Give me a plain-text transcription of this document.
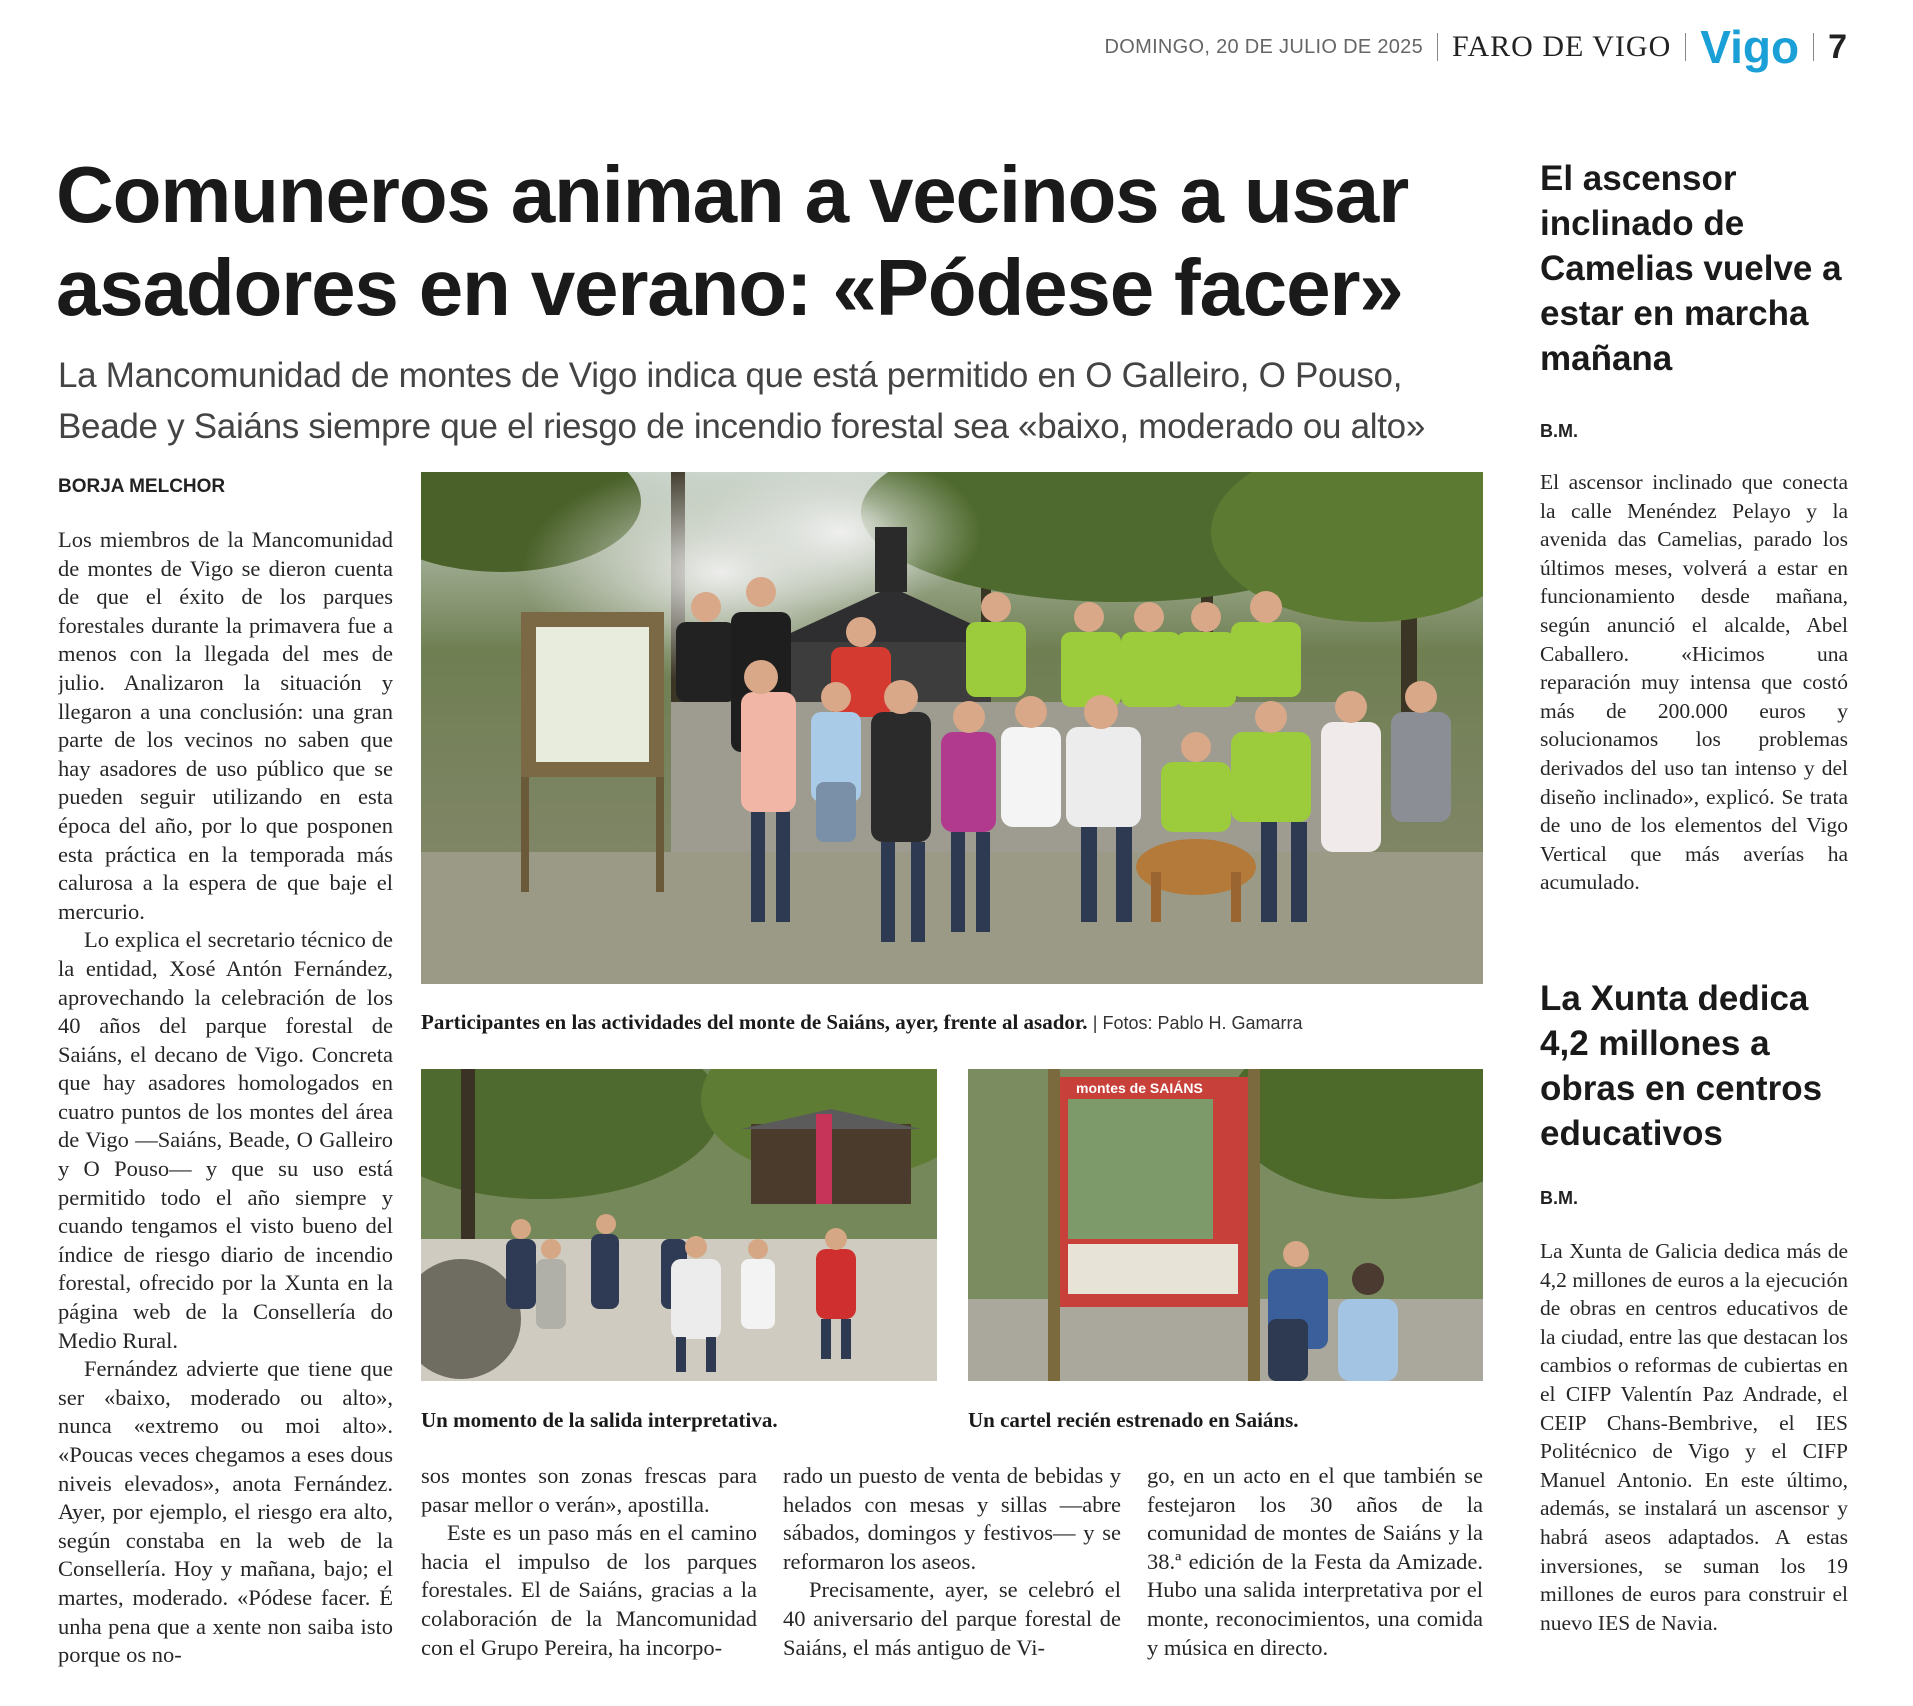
DOMINGO, 20 DE JULIO DE 2025 FARO DE VIGO Vigo 7
Comuneros animan a vecinos a usar asadores en verano: «Pódese facer»
La Mancomunidad de montes de Vigo indica que está permitido en O Galleiro, O Pouso, Beade y Saiáns siempre que el riesgo de incendio forestal sea «baixo, moderado ou alto»
BORJA MELCHOR

Los miembros de la Mancomunidad de montes de Vigo se dieron cuenta de que el éxito de los parques forestales durante la primavera fue a menos con la llegada del mes de julio. Analizaron la situación y llegaron a una conclusión: una gran parte de los vecinos no saben que hay asadores de uso público que se pueden seguir utilizando en esta época del año, por lo que posponen esta práctica en la temporada más calurosa a la espera de que baje el mercurio.

Lo explica el secretario técnico de la entidad, Xosé Antón Fernández, aprovechando la celebración de los 40 años del parque forestal de Saiáns, el decano de Vigo. Concreta que hay asadores homologados en cuatro puntos de los montes del área de Vigo —Saiáns, Beade, O Galleiro y O Pouso— y que su uso está permitido todo el año siempre y cuando tengamos el visto bueno del índice de riesgo diario de incendio forestal, ofrecido por la Xunta en la página web de la Consellería do Medio Rural.

Fernández advierte que tiene que ser «baixo, moderado ou alto», nunca «extremo ou moi alto». «Poucas veces chegamos a eses dous niveis elevados», anota Fernández. Ayer, por ejemplo, el riesgo era alto, según constaba en la web de la Consellería. Hoy y mañana, bajo; el martes, moderado. «Pódese facer. É unha pena que a xente non saiba isto porque os no-

Participantes en las actividades del monte de Saiáns, ayer, frente al asador. | Fotos: Pablo H. Gamarra
Un momento de la salida interpretativa.
montes de SAIÁNS
Un cartel recién estrenado en Saiáns.

sos montes son zonas frescas para pasar mellor o verán», apostilla.

Este es un paso más en el camino hacia el impulso de los parques forestales. El de Saiáns, gracias a la colaboración de la Mancomunidad con el Grupo Pereira, ha incorpo-

rado un puesto de venta de bebidas y helados con mesas y sillas —abre sábados, domingos y festivos— y se reformaron los aseos.

Precisamente, ayer, se celebró el 40 aniversario del parque forestal de Saiáns, el más antiguo de Vi-

go, en un acto en el que también se festejaron los 30 años de la comunidad de montes de Saiáns y la 38.ª edición de la Festa da Amizade. Hubo una salida interpretativa por el monte, reconocimientos, una comida y música en directo.

El ascensor inclinado de Camelias vuelve a estar en marcha mañana
B.M.
El ascensor inclinado que conecta la calle Menéndez Pelayo y la avenida das Camelias, parado los últimos meses, volverá a estar en funcionamiento desde mañana, según anunció el alcalde, Abel Caballero. «Hicimos una reparación muy intensa que costó más de 200.000 euros y solucionamos los problemas derivados del uso tan intenso y del diseño inclinado», explicó. Se trata de uno de los elementos del Vigo Vertical que más averías ha acumulado.
La Xunta dedica 4,2 millones a obras en centros educativos
B.M.
La Xunta de Galicia dedica más de 4,2 millones de euros a la ejecución de obras en centros educativos de la ciudad, entre las que destacan los cambios o reformas de cubiertas en el CIFP Valentín Paz Andrade, el CEIP Chans-Bembrive, el IES Politécnico de Vigo y el CIFP Manuel Antonio. En este último, además, se instalará un ascensor y habrá aseos adaptados. A estas inversiones, se suman los 19 millones de euros para construir el nuevo IES de Navia.
